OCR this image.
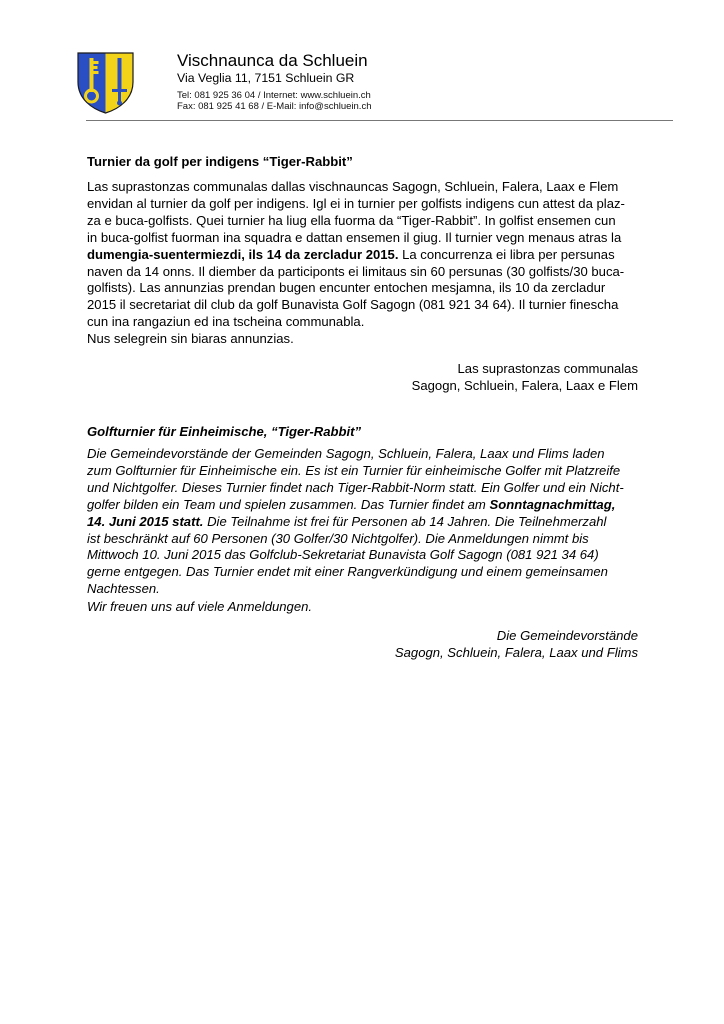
Vischnaunca da Schluein
Via Veglia 11, 7151 Schluein GR
Tel: 081 925 36 04 / Internet: www.schluein.ch
Fax: 081 925 41 68 / E-Mail: info@schluein.ch
Turnier da golf per indigens “Tiger-Rabbit”
Las suprastonzas communalas dallas vischnauncas Sagogn, Schluein, Falera, Laax e Flem
envidan al turnier da golf per indigens. Igl ei in turnier per golfists indigens cun attest da plaz-
za e buca-golfists. Quei turnier ha liug ella fuorma da “Tiger-Rabbit”. In golfist ensemen cun
in buca-golfist fuorman ina squadra e dattan ensemen il giug. Il turnier vegn menaus atras la
dumengia-suentermiezdi, ils 14 da zercladur 2015. La concurrenza ei libra per persunas
naven da 14 onns. Il diember da participonts ei limitaus sin 60 persunas (30 golfists/30 buca-
golfists). Las annunzias prendan bugen encunter entochen mesjamna, ils 10 da zercladur
2015 il secretariat dil club da golf Bunavista Golf Sagogn (081 921 34 64). Il turnier finescha
cun ina rangaziun ed ina tscheina communabla.
Nus selegrein sin biaras annunzias.
Las suprastonzas communalas
Sagogn, Schluein, Falera, Laax e Flem
Golfturnier für Einheimische, “Tiger-Rabbit”
Die Gemeindevorstände der Gemeinden Sagogn, Schluein, Falera, Laax und Flims laden
zum Golfturnier für Einheimische ein. Es ist ein Turnier für einheimische Golfer mit Platzreife
und Nichtgolfer. Dieses Turnier findet nach Tiger-Rabbit-Norm statt. Ein Golfer und ein Nicht-
golfer bilden ein Team und spielen zusammen. Das Turnier findet am Sonntagnachmittag,
14. Juni 2015 statt. Die Teilnahme ist frei für Personen ab 14 Jahren. Die Teilnehmerzahl
ist beschränkt auf 60 Personen (30 Golfer/30 Nichtgolfer). Die Anmeldungen nimmt bis
Mittwoch 10. Juni 2015 das Golfclub-Sekretariat Bunavista Golf Sagogn (081 921 34 64)
gerne entgegen. Das Turnier endet mit einer Rangverkündigung und einem gemeinsamen
Nachtessen.
Wir freuen uns auf viele Anmeldungen.
Die Gemeindevorstände
Sagogn, Schluein, Falera, Laax und Flims
